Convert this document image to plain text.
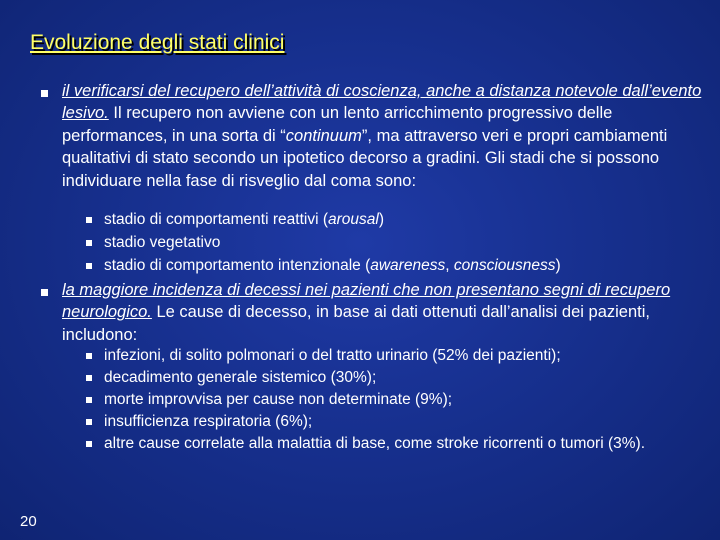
Evoluzione degli stati clinici
il verificarsi del recupero dell’attività di coscienza, anche a distanza notevole dall’evento lesivo. Il recupero non avviene con un lento arricchimento progressivo delle performances, in una sorta di “continuum”, ma attraverso veri e propri cambiamenti qualitativi di stato secondo un ipotetico decorso a gradini. Gli stadi che si possono individuare nella fase di risveglio dal coma sono:
stadio di comportamenti reattivi (arousal)
stadio vegetativo
stadio di comportamento intenzionale (awareness, consciousness)
la maggiore incidenza di decessi nei pazienti che non presentano segni di recupero neurologico. Le cause di decesso, in base ai dati ottenuti dall’analisi dei pazienti, includono:
infezioni, di solito polmonari o del tratto urinario (52% dei pazienti);
decadimento generale sistemico (30%);
morte improvvisa per cause non determinate (9%);
insufficienza respiratoria (6%);
altre cause correlate alla malattia di base, come stroke ricorrenti o tumori (3%).
20
